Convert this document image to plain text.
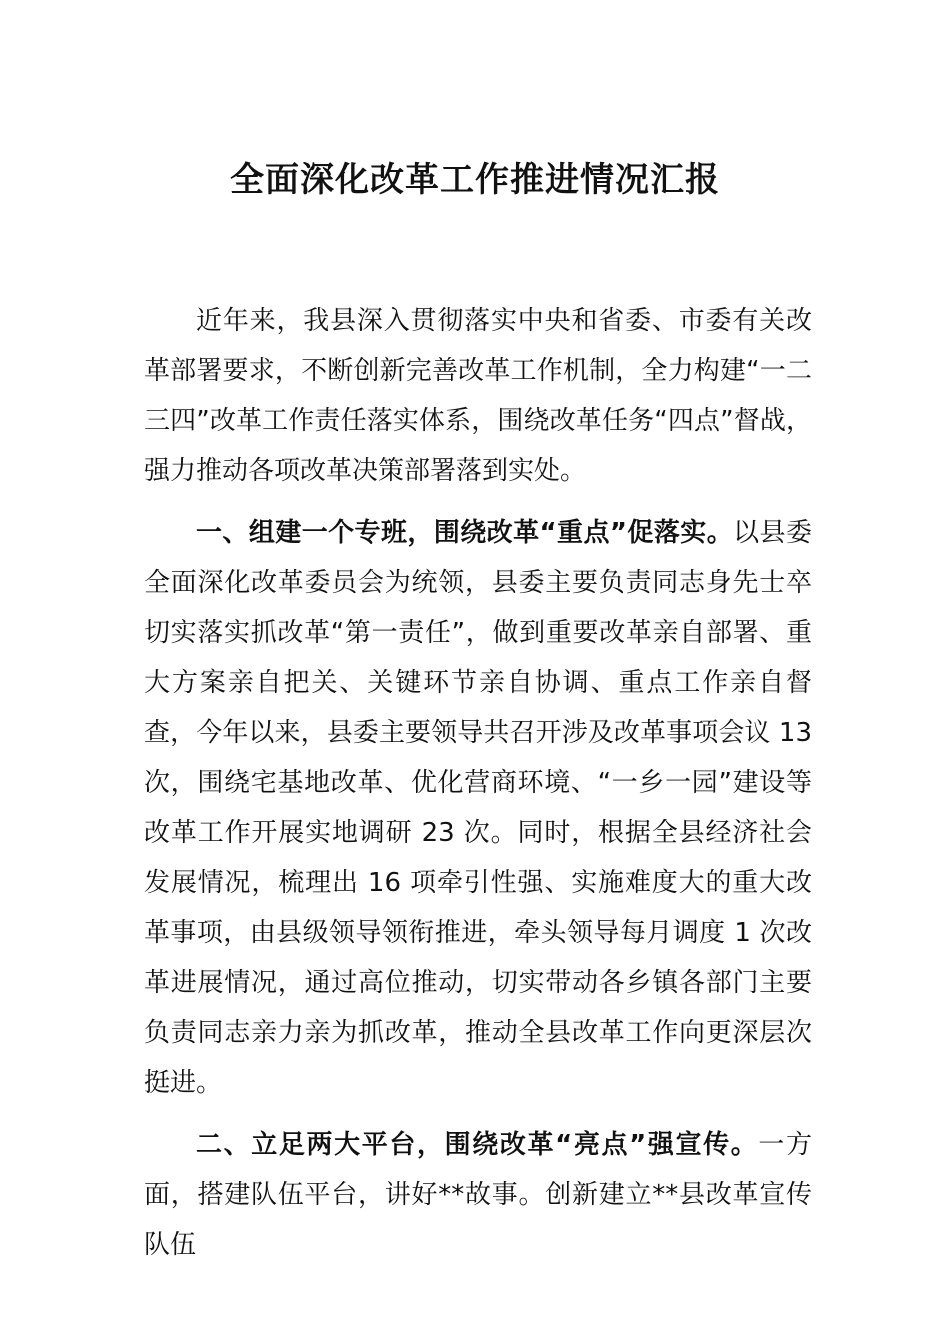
全面深化改革工作推进情况汇报

近年来，我县深入贯彻落实中央和省委、市委有关改革部署要求，不断创新完善改革工作机制，全力构建“一二三四”改革工作责任落实体系，围绕改革任务“四点”督战，强力推动各项改革决策部署落到实处。

一、组建一个专班，围绕改革“重点”促落实。以县委全面深化改革委员会为统领，县委主要负责同志身先士卒切实落实抓改革“第一责任”，做到重要改革亲自部署、重大方案亲自把关、关键环节亲自协调、重点工作亲自督查，今年以来，县委主要领导共召开涉及改革事项会议 13 次，围绕宅基地改革、优化营商环境、“一乡一园”建设等改革工作开展实地调研 23 次。同时，根据全县经济社会发展情况，梳理出 16 项牵引性强、实施难度大的重大改革事项，由县级领导领衔推进，牵头领导每月调度 1 次改革进展情况，通过高位推动，切实带动各乡镇各部门主要负责同志亲力亲为抓改革，推动全县改革工作向更深层次挺进。

二、立足两大平台，围绕改革“亮点”强宣传。一方面，搭建队伍平台，讲好**故事。创新建立**县改革宣传队伍
